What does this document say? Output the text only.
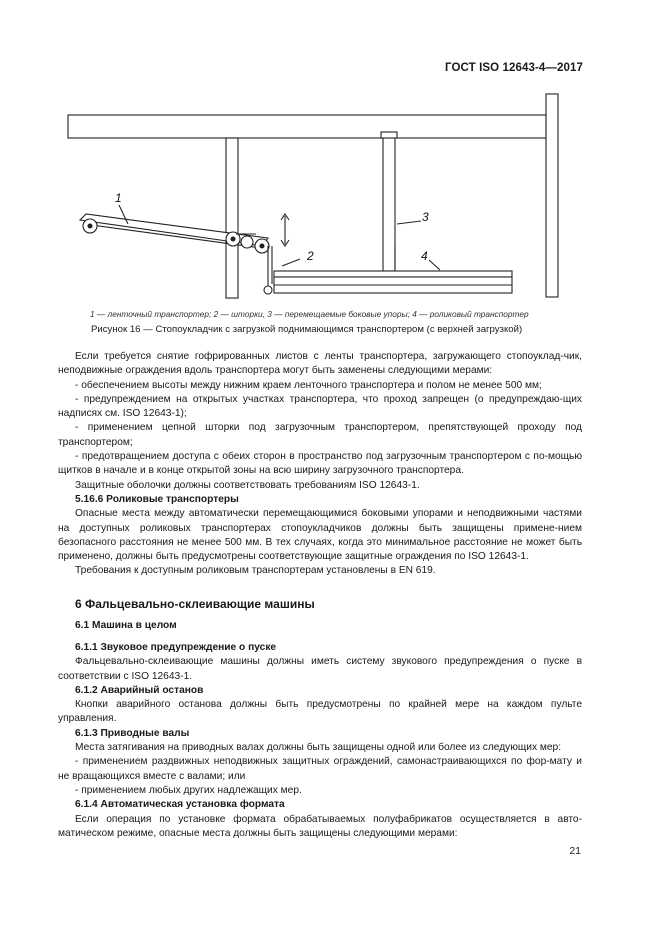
ГОСТ ISO 12643-4—2017
1
2
3
4
1 — ленточный транспортер; 2 — шторки, 3 — перемещаемые боковые упоры; 4 — роликовый транспортер
Рисунок 16 — Стопоукладчик с загрузкой поднимающимся транспортером (с верхней загрузкой)

Если требуется снятие гофрированных листов с ленты транспортера, загружающего стопоуклад-чик, неподвижные ограждения вдоль транспортера могут быть заменены следующими мерами:

- обеспечением высоты между нижним краем ленточного транспортера и полом не менее 500 мм;

- предупреждением на открытых участках транспортера, что проход запрещен (о предупреждаю-щих надписях см. ISO 12643-1);

- применением цепной шторки под загрузочным транспортером, препятствующей проходу под транспортером;

- предотвращением доступа с обеих сторон в пространство под загрузочным транспортером с по-мощью щитков в начале и в конце открытой зоны на всю ширину загрузочного транспортера.

Защитные оболочки должны соответствовать требованиям ISO 12643-1.

5.16.6 Роликовые транспортеры

Опасные места между автоматически перемещающимися боковыми упорами и неподвижными частями на доступных роликовых транспортерах стопоукладчиков должны быть защищены примене-нием безопасного расстояния не менее 500 мм. В тех случаях, когда это минимальное расстояние не может быть применено, должны быть предусмотрены соответствующие защитные ограждения по ISO 12643-1.

Требования к доступным роликовым транспортерам установлены в EN 619.

6 Фальцевально-склеивающие машины

6.1 Машина в целом

6.1.1 Звуковое предупреждение о пуске

Фальцевально-склеивающие машины должны иметь систему звукового предупреждения о пуске в соответствии с ISO 12643-1.

6.1.2 Аварийный останов

Кнопки аварийного останова должны быть предусмотрены по крайней мере на каждом пульте управления.

6.1.3 Приводные валы

Места затягивания на приводных валах должны быть защищены одной или более из следующих мер:

- применением раздвижных неподвижных защитных ограждений, самонастраивающихся по фор-мату и не вращающихся вместе с валами; или

- применением любых других надлежащих мер.

6.1.4 Автоматическая установка формата

Если операция по установке формата обрабатываемых полуфабрикатов осуществляется в авто-матическом режиме, опасные места должны быть защищены следующими мерами:

21
